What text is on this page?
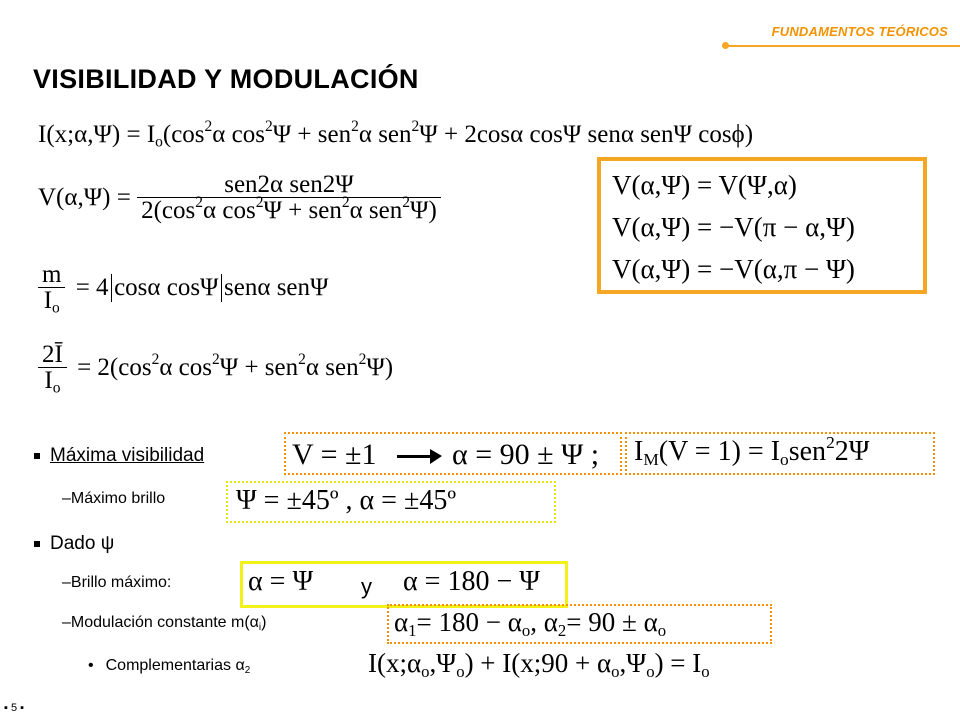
FUNDAMENTOS TEÓRICOS
VISIBILIDAD Y MODULACIÓN
I(x;α,Ψ) = $I_o(\cos^2\alpha$ $\cos^2\Psi + sen^2\alpha$ sen$^2$Ψ + 2cosα cosΨ senα senΨ cosϕ)
$V(\alpha,\Psi) = \frac{\text{sen2α sen2Ψ}}{2(\cos^2\alpha \cos^2\Psi + sen^2\alpha sen^2\Psi)}$	V(α,Ψ) = V(Ψ,α)
V(α,Ψ) = −V(π − α,Ψ)
V(α,Ψ) = −V(α,π − Ψ)
$\frac{m}{I_o} = 4$ cosα cosΨ senα senΨ
$\frac{2Ī}{I_o} = 2(\cos^2\alpha$ $\cos^2\Psi + sen^2\alpha$ sen$^2$Ψ)
Máxima visibilidad	V = ±1	α = 90 ± Ψ ; $I_M(V = 1) = I_osen^22\Psi$
–Máximo brillo	Ψ = ±45º , α = ±45º
Dado ψ
–Brillo máximo:	α = Ψ y α = 180 − Ψ
–Modulación constante $m(\alpha_i)$	$\alpha_1= 180 - \alpha_o$, $\alpha_2= 90 \pm \alpha_o$
• Complementarias $\alpha_2$	$I(x;\alpha_o,\Psi_o)$ + I(x;90 + $\alpha_o,\Psi_o) = I_o$
▪ 5 ▪
